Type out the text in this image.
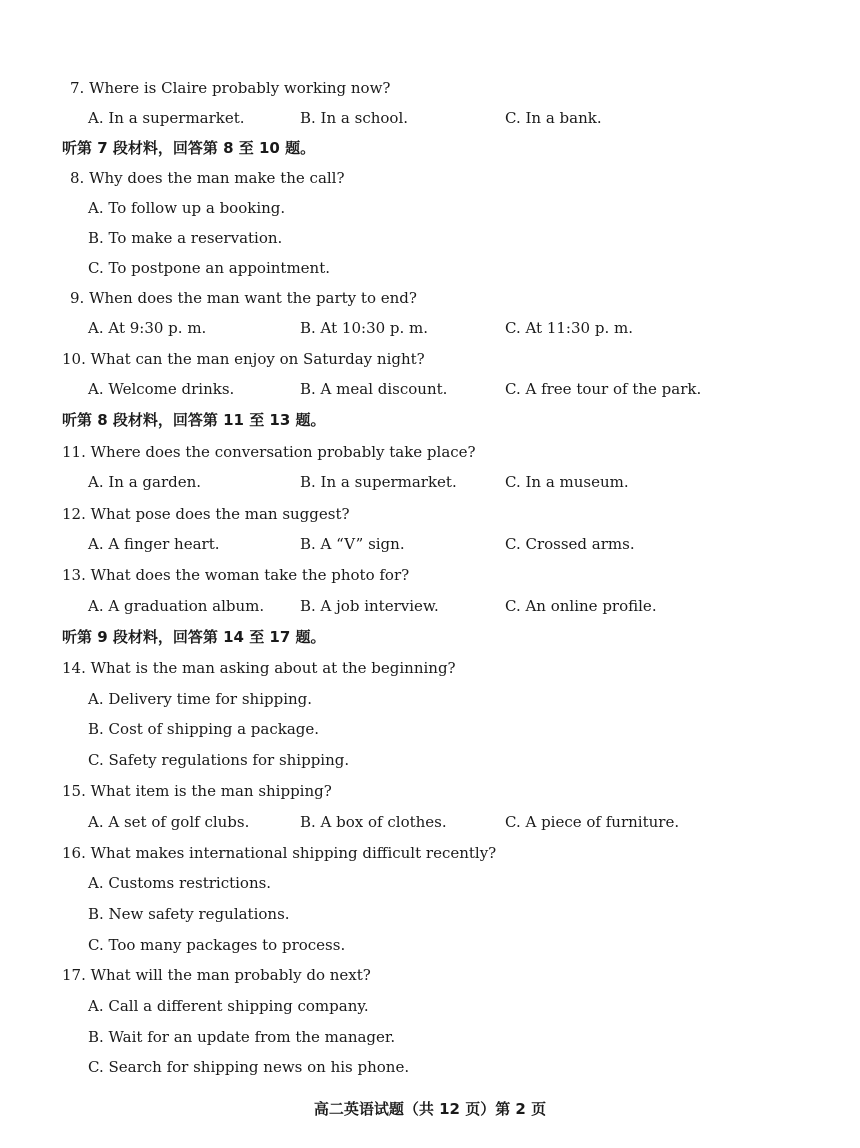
7. Where is Claire probably working now?
A. In a supermarket.	B. In a school.	C. In a bank.
听第 7 段材料，回答第 8 至 10 题。
8. Why does the man make the call?
A. To follow up a booking.
B. To make a reservation.
C. To postpone an appointment.
9. When does the man want the party to end?
A. At 9:30 p. m.	B. At 10:30 p. m.	C. At 11:30 p. m.
10. What can the man enjoy on Saturday night?
A. Welcome drinks.	B. A meal discount.	C. A free tour of the park.
听第 8 段材料，回答第 11 至 13 题。
11. Where does the conversation probably take place?
A. In a garden.	B. In a supermarket.	C. In a museum.
12. What pose does the man suggest?
A. A finger heart.	B. A “V” sign.	C. Crossed arms.
13. What does the woman take the photo for?
A. A graduation album. B. A job interview.	C. An online profile.
听第 9 段材料，回答第 14 至 17 题。
14. What is the man asking about at the beginning?
A. Delivery time for shipping.
B. Cost of shipping a package.
C. Safety regulations for shipping.
15. What item is the man shipping?
A. A set of golf clubs.	B. A box of clothes.	C. A piece of furniture.
16. What makes international shipping difficult recently?
A. Customs restrictions.
B. New safety regulations.
C. Too many packages to process.
17. What will the man probably do next?
A. Call a different shipping company.
B. Wait for an update from the manager.
C. Search for shipping news on his phone.
高二英语试题（共 12 页）第 2 页
